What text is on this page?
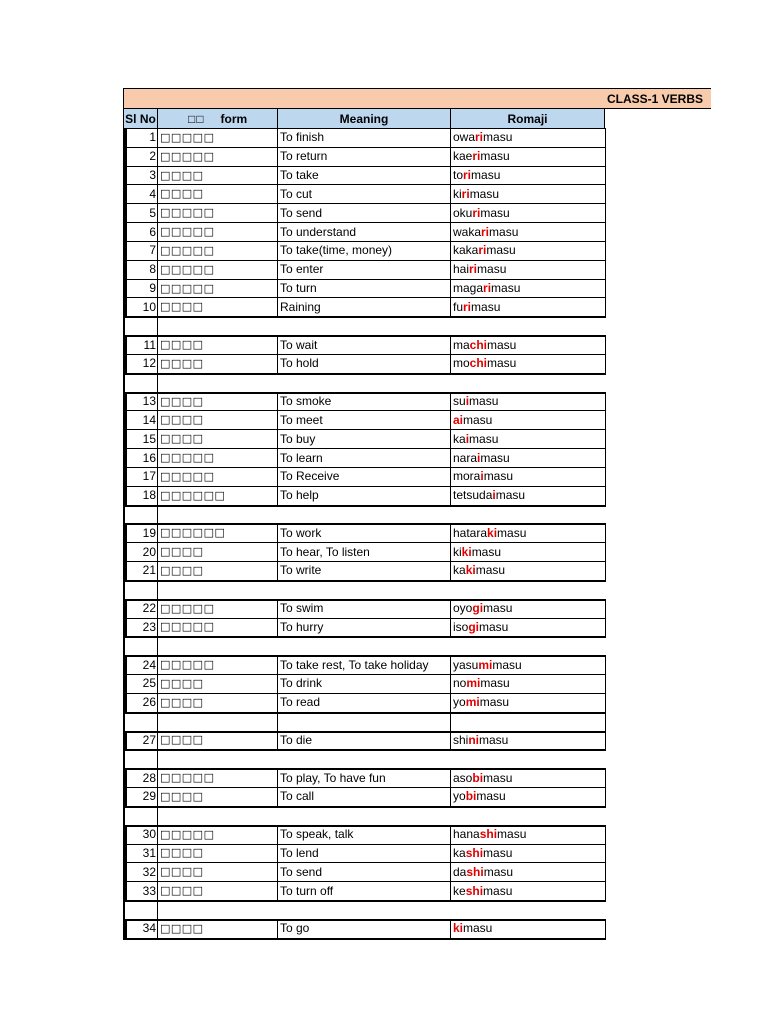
CLASS-1 VERBS
Sl No	□□ form	Meaning	Romaji
1 □□□□□	To finish	owa ri masu
2 □□□□□	To return	kae ri masu
3 □□□□	To take	to ri masu
4 □□□□	To cut	ki ri masu
5 □□□□□	To send	oku ri masu
6 □□□□□	To understand	waka ri masu
7 □□□□□	To take(time, money)	kaka ri masu
8 □□□□□	To enter	hai ri masu
9 □□□□□	To turn	maga ri masu
10 □□□□	Raining	fu ri masu
11 □□□□	To wait	ma chi masu
12 □□□□	To hold	mo chi masu
13 □□□□	To smoke	su i masu
14 □□□□	To meet	ai masu
15 □□□□	To buy	ka i masu
16 □□□□□	To learn	nara i masu
17 □□□□□	To Receive	mora i masu
18 □□□□□□	To help	tetsuda i masu
19 □□□□□□	To work	hatara ki masu
20 □□□□	To hear, To listen	ki ki masu
21 □□□□	To write	ka ki masu
22 □□□□□	To swim	oyo gi masu
23 □□□□□	To hurry	iso gi masu
24 □□□□□	To take rest, To take holiday	yasu mi masu
25 □□□□	To drink	no mi masu
26 □□□□	To read	yo mi masu
27 □□□□	To die	shi ni masu
28 □□□□□	To play, To have fun	aso bi masu
29 □□□□	To call	yo bi masu
30 □□□□□	To speak, talk	hana shi masu
31 □□□□	To lend	ka shi masu
32 □□□□	To send	da shi masu
33 □□□□	To turn off	ke shi masu
34 □□□□	To go	ki masu
